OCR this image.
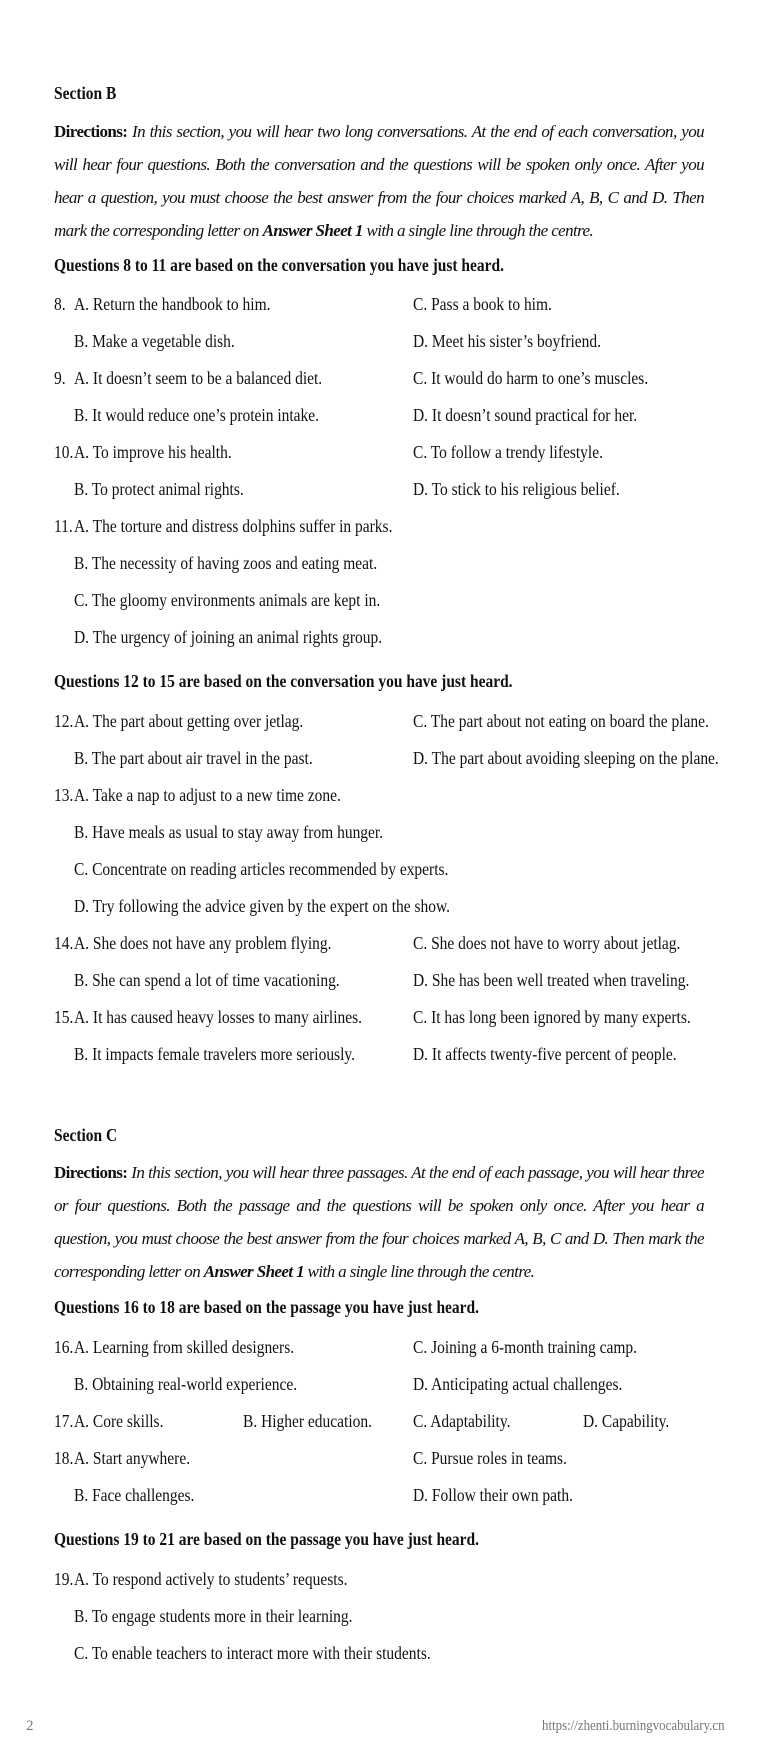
Section B
Directions: In this section, you will hear two long conversations. At the end of each conversation, you will hear four questions. Both the conversation and the questions will be spoken only once. After you hear a question, you must choose the best answer from the four choices marked A, B, C and D. Then mark the corresponding letter on Answer Sheet 1 with a single line through the centre.
Questions 8 to 11 are based on the conversation you have just heard.
8. A. Return the handbook to him.	C. Pass a book to him.
B. Make a vegetable dish.	D. Meet his sister’s boyfriend.
9. A. It doesn’t seem to be a balanced diet.	C. It would do harm to one’s muscles.
B. It would reduce one’s protein intake.	D. It doesn’t sound practical for her.
10. A. To improve his health.	C. To follow a trendy lifestyle.
B. To protect animal rights.	D. To stick to his religious belief.
11. A. The torture and distress dolphins suffer in parks.
B. The necessity of having zoos and eating meat.
C. The gloomy environments animals are kept in.
D. The urgency of joining an animal rights group.
Questions 12 to 15 are based on the conversation you have just heard.
12. A. The part about getting over jetlag.	C. The part about not eating on board the plane.
B. The part about air travel in the past.	D. The part about avoiding sleeping on the plane.
13. A. Take a nap to adjust to a new time zone.
B. Have meals as usual to stay away from hunger.
C. Concentrate on reading articles recommended by experts.
D. Try following the advice given by the expert on the show.
14. A. She does not have any problem flying.	C. She does not have to worry about jetlag.
B. She can spend a lot of time vacationing.	D. She has been well treated when traveling.
15. A. It has caused heavy losses to many airlines.	C. It has long been ignored by many experts.
B. It impacts female travelers more seriously.	D. It affects twenty-five percent of people.
Section C
Directions: In this section, you will hear three passages. At the end of each passage, you will hear three or four questions. Both the passage and the questions will be spoken only once. After you hear a question, you must choose the best answer from the four choices marked A, B, C and D. Then mark the corresponding letter on Answer Sheet 1 with a single line through the centre.
Questions 16 to 18 are based on the passage you have just heard.
16. A. Learning from skilled designers.	C. Joining a 6-month training camp.
B. Obtaining real-world experience.	D. Anticipating actual challenges.
17. A. Core skills.	B. Higher education. C. Adaptability.	D. Capability.
18. A. Start anywhere.	C. Pursue roles in teams.
B. Face challenges.	D. Follow their own path.
Questions 19 to 21 are based on the passage you have just heard.
19. A. To respond actively to students’ requests.
B. To engage students more in their learning.
C. To enable teachers to interact more with their students.
2	https://zhenti.burningvocabulary.cn
